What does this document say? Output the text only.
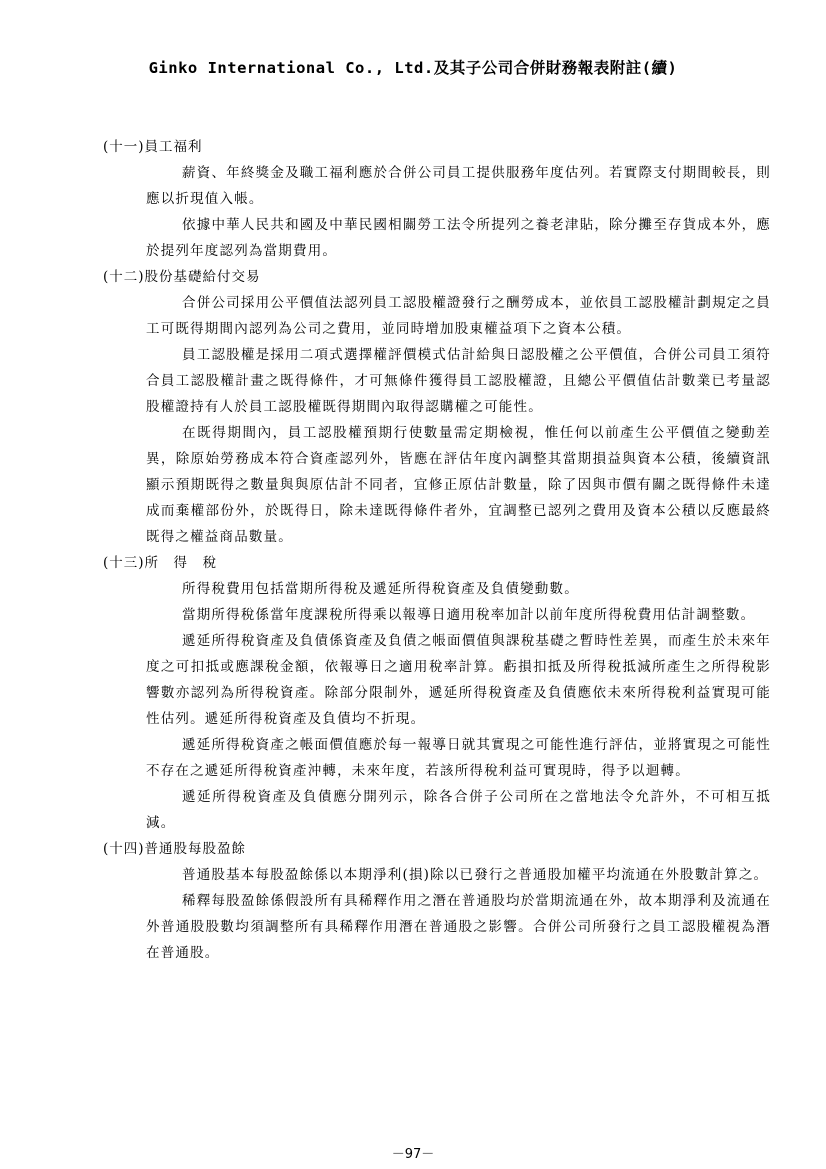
Ginko International Co., Ltd.及其子公司合併財務報表附註(續)
(十一)員工福利

薪資、年終獎金及職工福利應於合併公司員工提供服務年度估列。若實際支付期間較長，則應以折現值入帳。

依據中華人民共和國及中華民國相關勞工法令所提列之養老津貼，除分攤至存貨成本外，應於提列年度認列為當期費用。

(十二)股份基礎給付交易

合併公司採用公平價值法認列員工認股權證發行之酬勞成本，並依員工認股權計劃規定之員工可既得期間內認列為公司之費用，並同時增加股東權益項下之資本公積。

員工認股權是採用二項式選擇權評價模式估計給與日認股權之公平價值，合併公司員工須符合員工認股權計畫之既得條件，才可無條件獲得員工認股權證，且總公平價值估計數業已考量認股權證持有人於員工認股權既得期間內取得認購權之可能性。

在既得期間內，員工認股權預期行使數量需定期檢視，惟任何以前產生公平價值之變動差異，除原始勞務成本符合資產認列外，皆應在評估年度內調整其當期損益與資本公積，後續資訊顯示預期既得之數量與與原估計不同者，宜修正原估計數量，除了因與市價有關之既得條件未達成而棄權部份外，於既得日，除未達既得條件者外，宜調整已認列之費用及資本公積以反應最終既得之權益商品數量。

(十三)所　得　稅

所得稅費用包括當期所得稅及遞延所得稅資產及負債變動數。

當期所得稅係當年度課稅所得乘以報導日適用稅率加計以前年度所得稅費用估計調整數。

遞延所得稅資產及負債係資產及負債之帳面價值與課稅基礎之暫時性差異，而產生於未來年度之可扣抵或應課稅金額，依報導日之適用稅率計算。虧損扣抵及所得稅抵減所產生之所得稅影響數亦認列為所得稅資產。除部分限制外，遞延所得稅資產及負債應依未來所得稅利益實現可能性估列。遞延所得稅資產及負債均不折現。

遞延所得稅資產之帳面價值應於每一報導日就其實現之可能性進行評估，並將實現之可能性不存在之遞延所得稅資產沖轉，未來年度，若該所得稅利益可實現時，得予以迴轉。

遞延所得稅資產及負債應分開列示，除各合併子公司所在之當地法令允許外，不可相互抵減。

(十四)普通股每股盈餘

普通股基本每股盈餘係以本期淨利(損)除以已發行之普通股加權平均流通在外股數計算之。

稀釋每股盈餘係假設所有具稀釋作用之潛在普通股均於當期流通在外，故本期淨利及流通在外普通股股數均須調整所有具稀釋作用潛在普通股之影響。合併公司所發行之員工認股權視為潛在普通股。

－97－
